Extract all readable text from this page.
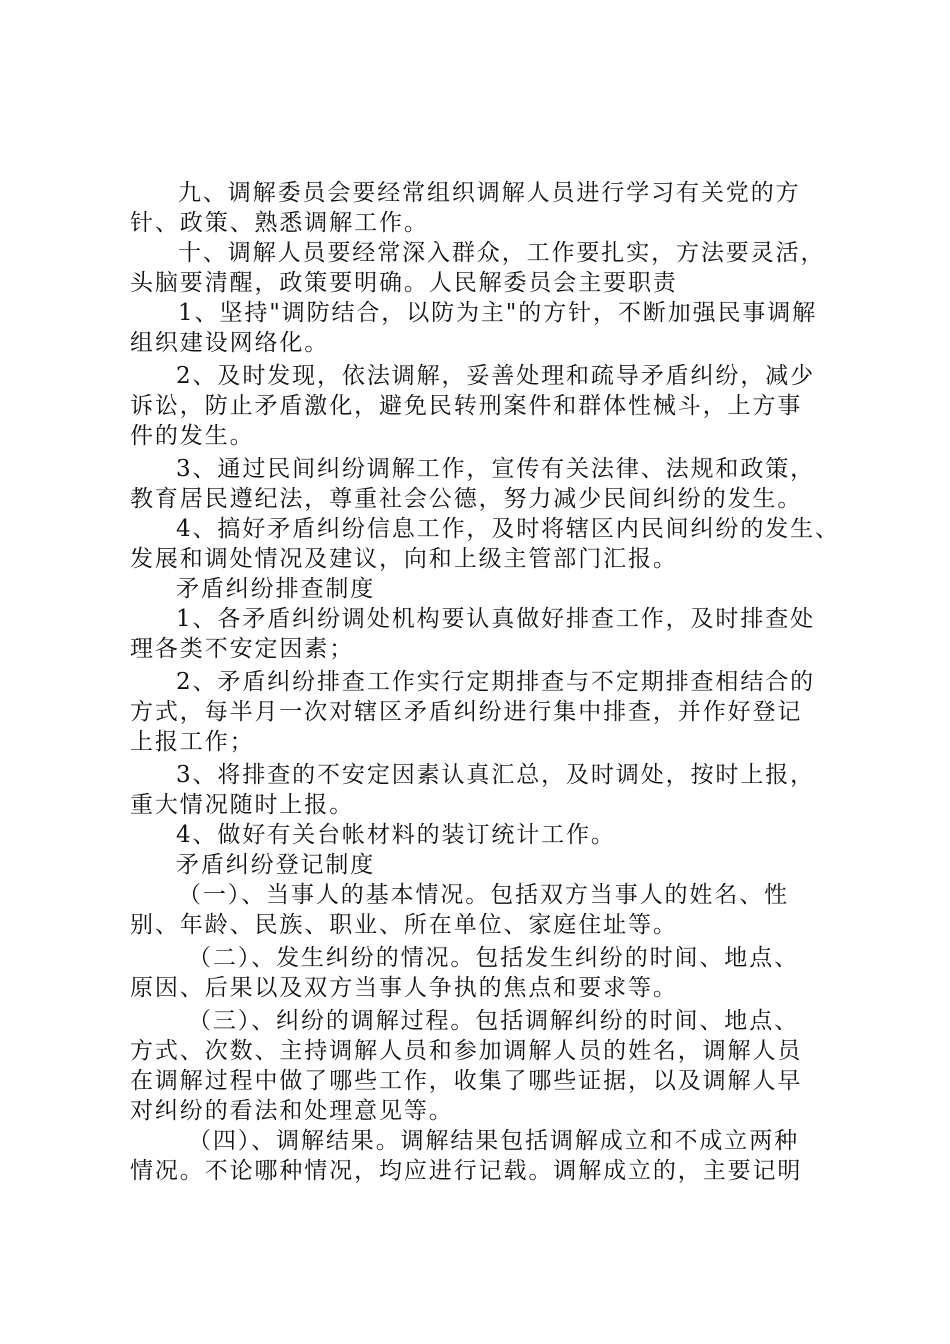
九、调解委员会要经常组织调解人员进行学习有关党的方
针、政策、熟悉调解工作。
十、调解人员要经常深入群众，工作要扎实，方法要灵活，
头脑要清醒，政策要明确。人民解委员会主要职责
1、坚持"调防结合，以防为主"的方针，不断加强民事调解
组织建设网络化。
2、及时发现，依法调解，妥善处理和疏导矛盾纠纷，减少
诉讼，防止矛盾激化，避免民转刑案件和群体性械斗，上方事
件的发生。
3、通过民间纠纷调解工作，宣传有关法律、法规和政策，
教育居民遵纪法，尊重社会公德，努力减少民间纠纷的发生。
4、搞好矛盾纠纷信息工作，及时将辖区内民间纠纷的发生、
发展和调处情况及建议，向和上级主管部门汇报。
矛盾纠纷排查制度
1、各矛盾纠纷调处机构要认真做好排查工作，及时排查处
理各类不安定因素；
2、矛盾纠纷排查工作实行定期排查与不定期排查相结合的
方式，每半月一次对辖区矛盾纠纷进行集中排查，并作好登记
上报工作；
3、将排查的不安定因素认真汇总，及时调处，按时上报，
重大情况随时上报。
4、做好有关台帐材料的装订统计工作。
矛盾纠纷登记制度
（一）、当事人的基本情况。包括双方当事人的姓名、性
别、年龄、民族、职业、所在单位、家庭住址等。
（二）、发生纠纷的情况。包括发生纠纷的时间、地点、
原因、后果以及双方当事人争执的焦点和要求等。
（三）、纠纷的调解过程。包括调解纠纷的时间、地点、
方式、次数、主持调解人员和参加调解人员的姓名，调解人员
在调解过程中做了哪些工作，收集了哪些证据，以及调解人早
对纠纷的看法和处理意见等。
（四）、调解结果。调解结果包括调解成立和不成立两种
情况。不论哪种情况，均应进行记载。调解成立的，主要记明
